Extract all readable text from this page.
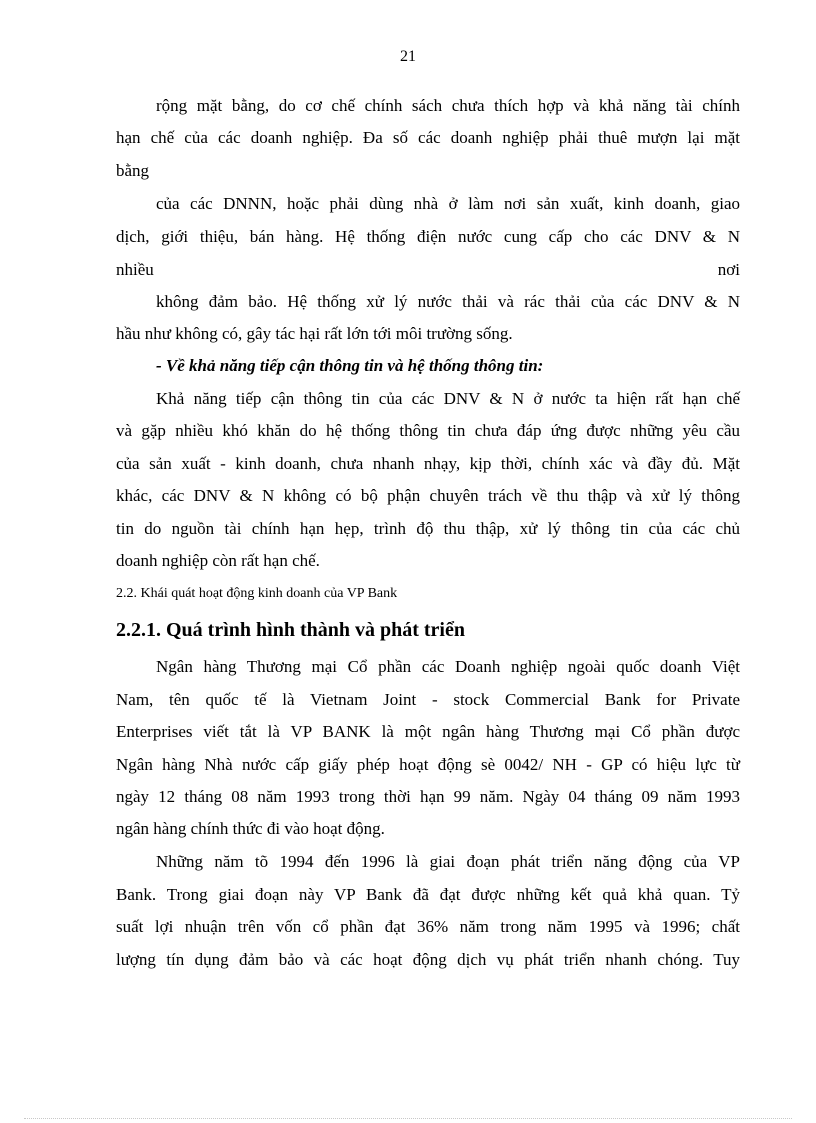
21
rộng mặt bằng, do cơ chế chính sách chưa thích hợp và khả năng tài chính
hạn chế của các doanh nghiệp. Đa số các doanh nghiệp phải thuê mượn lại mặt
bằng
của các DNNN, hoặc phải dùng nhà ở làm nơi sản xuất, kinh doanh, giao
dịch, giới thiệu, bán hàng. Hệ thống điện nước cung cấp cho các DNV & N
nhiều	nơi
không đảm bảo. Hệ thống xử lý nước thải và rác thải của các DNV & N
hầu như không có, gây tác hại rất lớn tới môi trường sống.
- Về khả năng tiếp cận thông tin và hệ thống thông tin:
Khả năng tiếp cận thông tin của các DNV & N ở nước ta hiện rất hạn chế
và gặp nhiều khó khăn do hệ thống thông tin chưa đáp ứng được những yêu cầu
của sản xuất - kinh doanh, chưa nhanh nhạy, kịp thời, chính xác và đầy đủ. Mặt
khác, các DNV & N không có bộ phận chuyên trách về thu thập và xử lý thông
tin do nguồn tài chính hạn hẹp, trình độ thu thập, xử lý thông tin của các chủ
doanh nghiệp còn rất hạn chế.
2.2. Khái quát hoạt động kinh doanh của VP Bank
2.2.1. Quá trình hình thành và phát triển
Ngân hàng Thương mại Cổ phần các Doanh nghiệp ngoài quốc doanh Việt
Nam, tên quốc tế là Vietnam Joint - stock Commercial Bank for Private
Enterprises viết tắt là VP BANK là một ngân hàng Thương mại Cổ phần được
Ngân hàng Nhà nước cấp giấy phép hoạt động sè 0042/ NH - GP có hiệu lực từ
ngày 12 tháng 08 năm 1993 trong thời hạn 99 năm. Ngày 04 tháng 09 năm 1993
ngân hàng chính thức đi vào hoạt động.
Những năm tõ 1994 đến 1996 là giai đoạn phát triển năng động của VP
Bank. Trong giai đoạn này VP Bank đã đạt được những kết quả khả quan. Tỷ
suất lợi nhuận trên vốn cổ phần đạt 36% năm trong năm 1995 và 1996; chất
lượng tín dụng đảm bảo và các hoạt động dịch vụ phát triển nhanh chóng. Tuy
